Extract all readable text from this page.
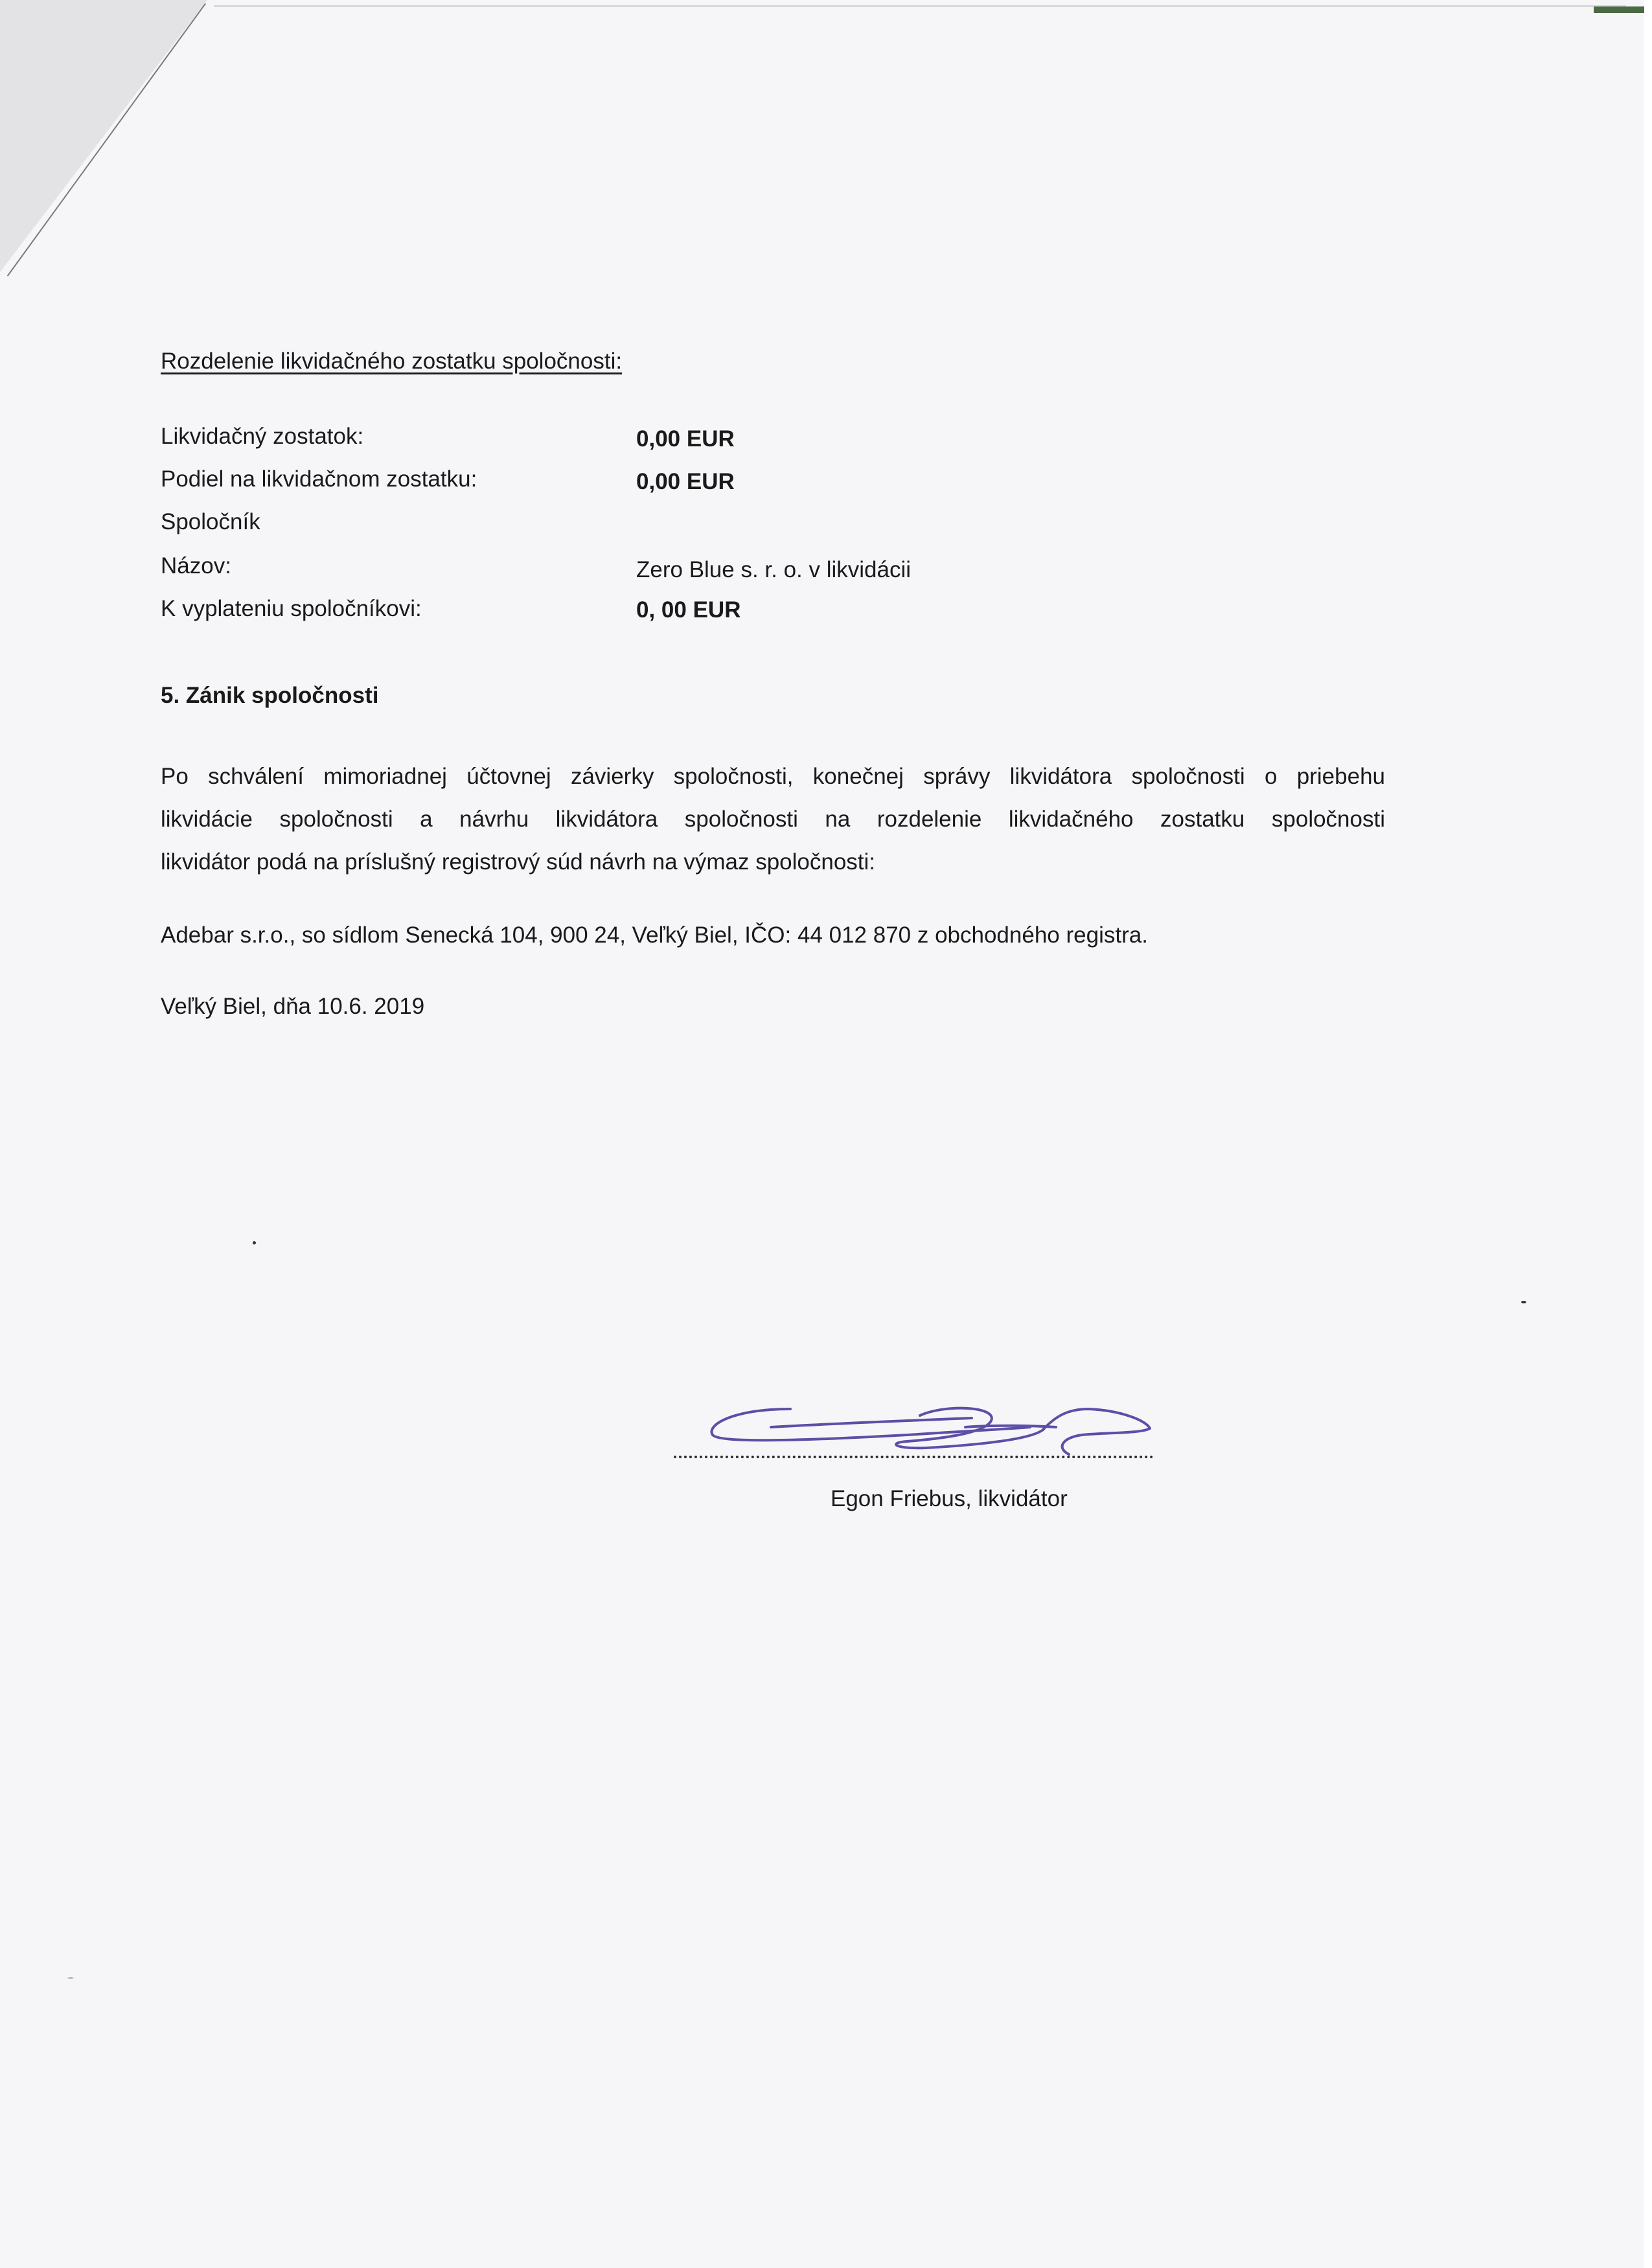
Rozdelenie likvidačného zostatku spoločnosti:
Likvidačný zostatok:	0,00 EUR
Podiel na likvidačnom zostatku:	0,00 EUR
Spoločník
Názov:	Zero Blue s. r. o. v likvidácii
K vyplateniu spoločníkovi:	0, 00 EUR
5. Zánik spoločnosti
Po schválení mimoriadnej účtovnej závierky spoločnosti, konečnej správy likvidátora spoločnosti o priebehu
likvidácie spoločnosti a návrhu likvidátora spoločnosti na rozdelenie likvidačného zostatku spoločnosti
likvidátor podá na príslušný registrový súd návrh na výmaz spoločnosti:
Adebar s.r.o., so sídlom Senecká 104, 900 24, Veľký Biel, IČO: 44 012 870 z obchodného registra.
Veľký Biel, dňa 10.6. 2019
Egon Friebus, likvidátor
